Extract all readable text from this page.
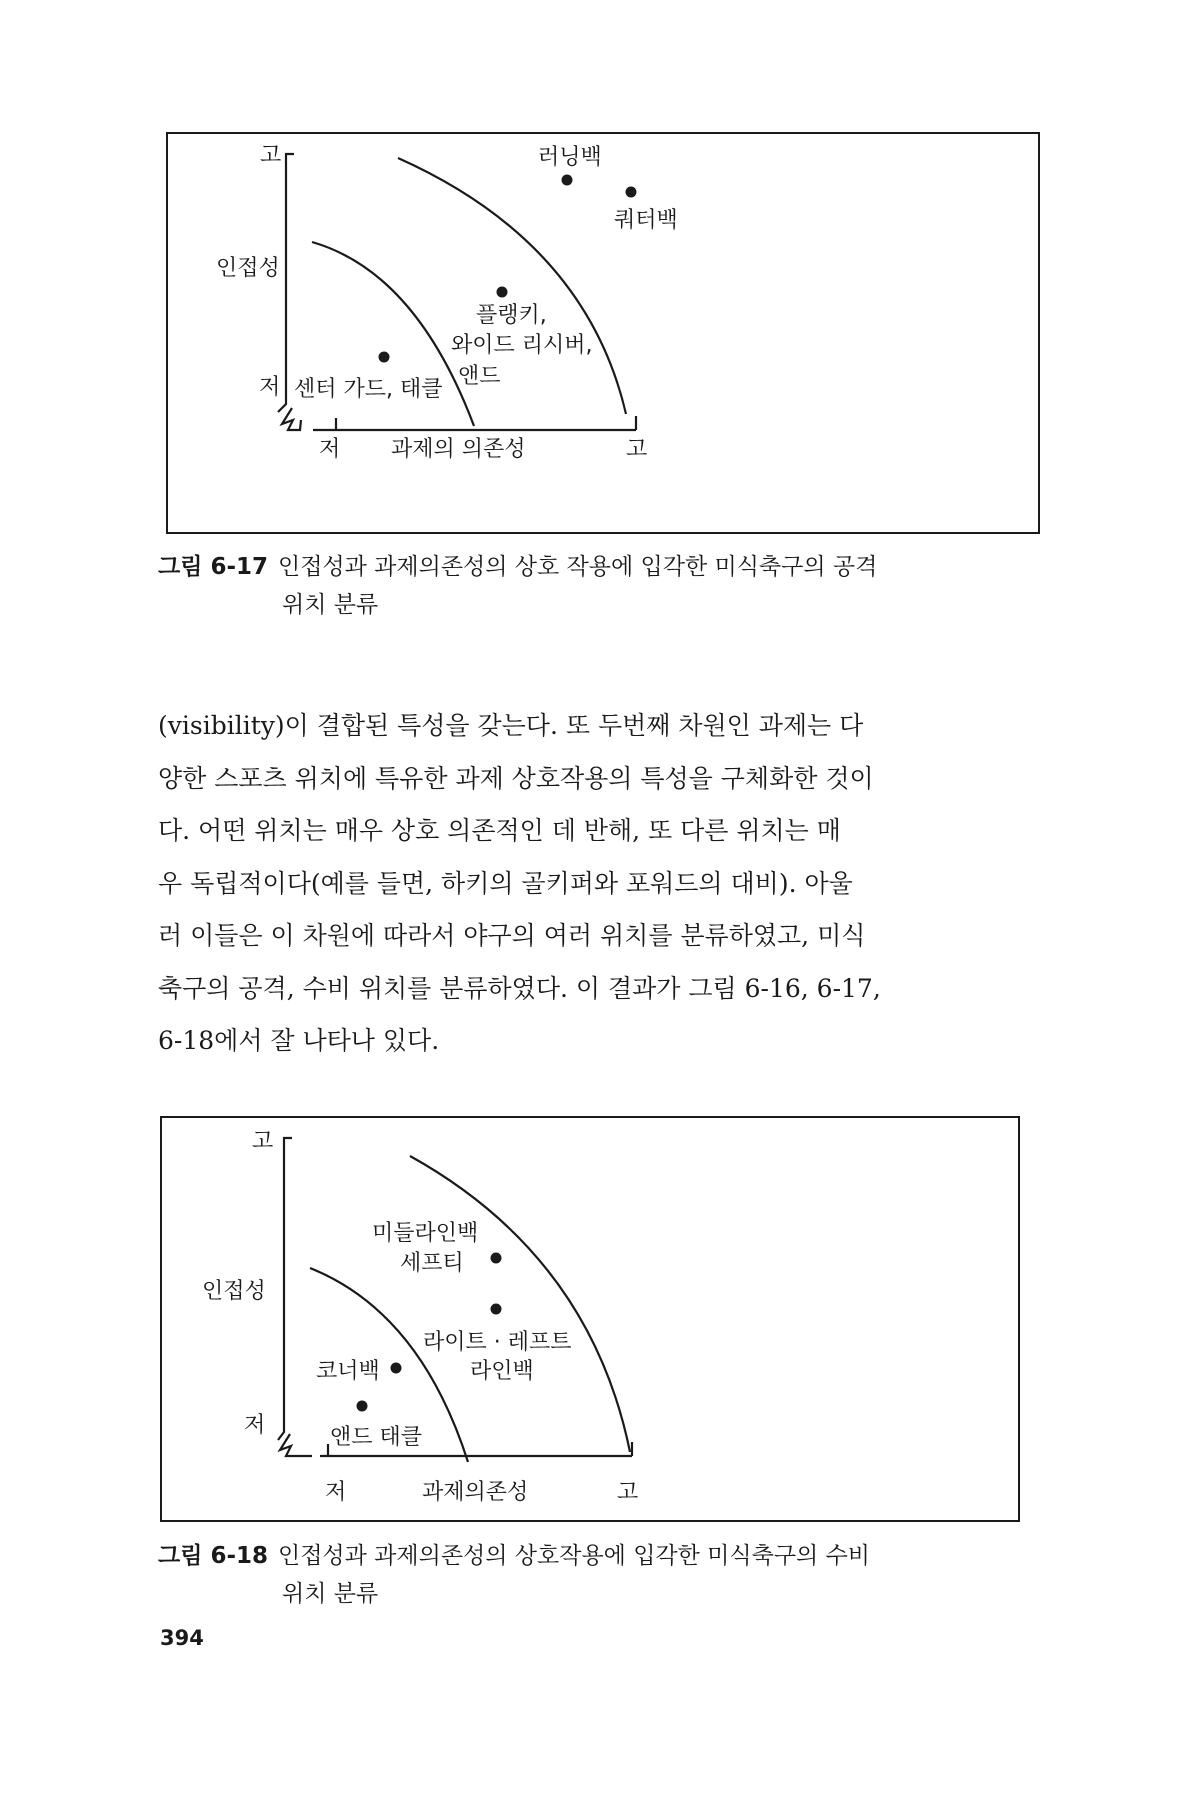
고
인접성
저
저 과제의 의존성	고
러닝백
쿼터백
플랭키,
와이드 리시버,
앤드
센터 가드, 태클
그림 6-17 인접성과 과제의존성의 상호 작용에 입각한 미식축구의 공격
위치 분류
(visibility)이 결합된 특성을 갖는다. 또 두번째 차원인 과제는 다
양한 스포츠 위치에 특유한 과제 상호작용의 특성을 구체화한 것이
다. 어떤 위치는 매우 상호 의존적인 데 반해, 또 다른 위치는 매
우 독립적이다(예를 들면, 하키의 골키퍼와 포워드의 대비). 아울
러 이들은 이 차원에 따라서 야구의 여러 위치를 분류하였고, 미식
축구의 공격, 수비 위치를 분류하였다. 이 결과가 그림 6-16, 6-17,
6-18에서 잘 나타나 있다.
고
인접성
저
저	과제의존성	고
미들라인백
세프티
라이트 · 레프트
라인백
코너백
앤드 태클
그림 6-18 인접성과 과제의존성의 상호작용에 입각한 미식축구의 수비
위치 분류
394
